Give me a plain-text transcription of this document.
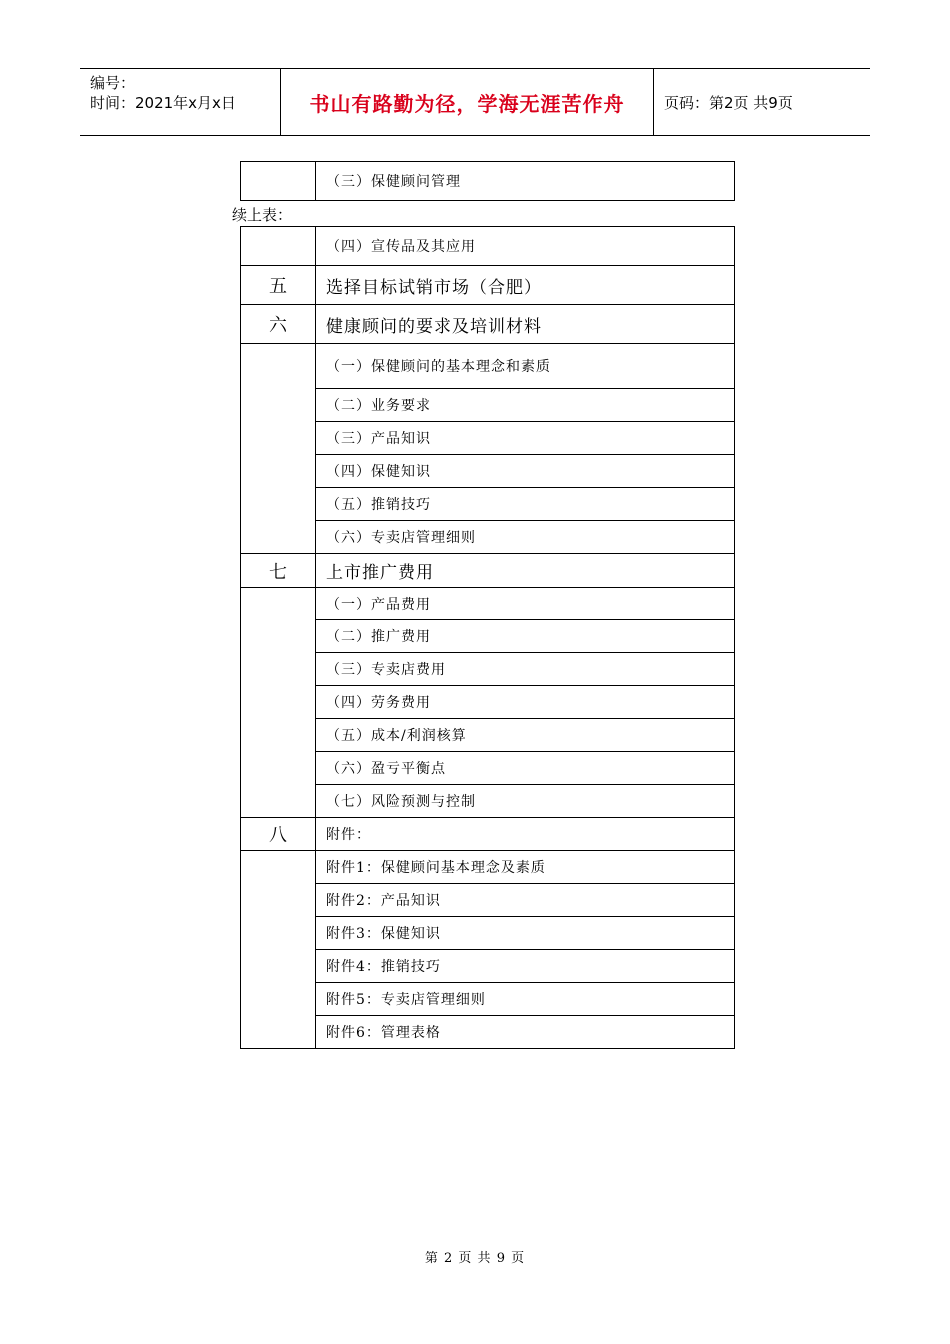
编号：
时间：2021年x月x日	书山有路勤为径，学海无涯苦作舟	页码：第2页 共9页
	（三）保健顾问管理
续上表：
	（四）宣传品及其应用
五	选择目标试销市场（合肥）
六	健康顾问的要求及培训材料
	（一）保健顾问的基本理念和素质
	（二）业务要求
	（三）产品知识
	（四）保健知识
	（五）推销技巧
	（六）专卖店管理细则
七	上市推广费用
	（一）产品费用
	（二）推广费用
	（三）专卖店费用
	（四）劳务费用
	（五）成本/利润核算
	（六）盈亏平衡点
	（七）风险预测与控制
八	附件：
	附件1：保健顾问基本理念及素质
	附件2：产品知识
	附件3：保健知识
	附件4：推销技巧
	附件5：专卖店管理细则
	附件6：管理表格
第 2 页 共 9 页
